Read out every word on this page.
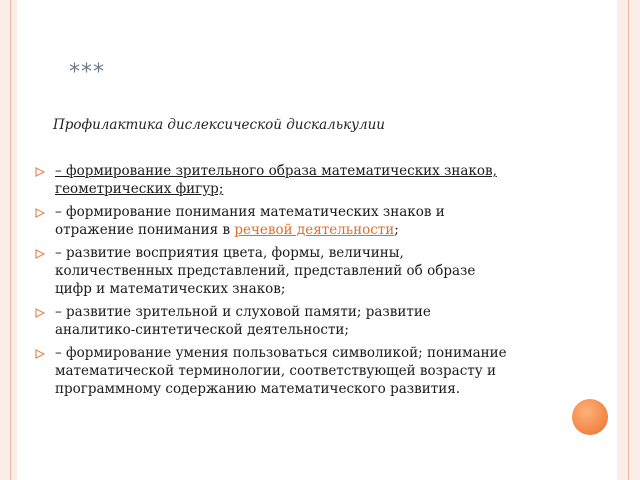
***
Профилактика дислексической дискалькулии
– формирование зрительного образа математических знаков, геометрических фигур;
– формирование понимания математических знаков и отражение понимания в речевой деятельности;
– развитие восприятия цвета, формы, величины, количественных представлений, представлений об образе цифр и математических знаков;
– развитие зрительной и слуховой памяти; развитие аналитико-синтетической деятельности;
– формирование умения пользоваться символикой; понимание математической терминологии, соответствующей возрасту и программному содержанию математического развития.
